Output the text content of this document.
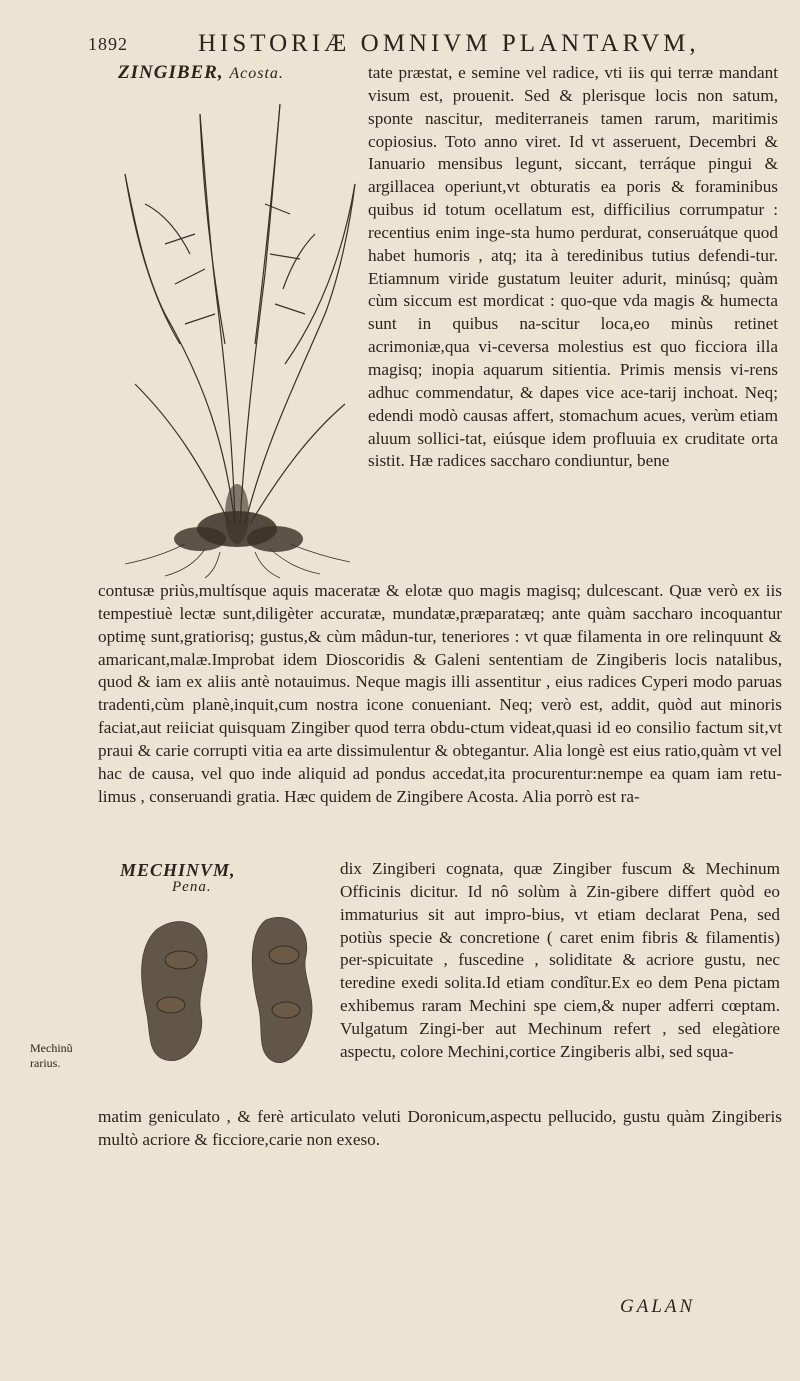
1892	HISTORIÆ OMNIVM PLANTARVM,
ZINGIBER, Acosta.	tate præstat, e semine vel radice, vti iis qui terræ mandant visum est, prouenit. Sed & plerisque locis non satum, sponte nascitur, mediterraneis tamen rarum, maritimis copiosius. Toto anno viret. Id vt asseruent, Decembri & Ianuario mensibus legunt, siccant, terráque pingui & argillacea operiunt,vt obturatis ea poris & foraminibus quibus id totum ocellatum est, difficilius corrumpatur : recentius enim inge-sta humo perdurat, conseruátque quod habet humoris , atq; ita à teredinibus tutius defendi-tur. Etiamnum viride gustatum leuiter adurit, minúsq; quàm cùm siccum est mordicat : quo-que vda magis & humecta sunt in quibus na-scitur loca,eo minùs retinet acrimoniæ,qua vi-ceversa molestius est quo ficciora illa magisq; inopia aquarum sitientia. Primis mensis vi-rens adhuc commendatur, & dapes vice ace-tarij inchoat. Neq; edendi modò causas affert, stomachum acues, verùm etiam aluum sollici-tat, eiúsque idem profluuia ex cruditate orta sistit. Hæ radices saccharo condiuntur, bene

contusæ priùs,multísque aquis maceratæ & elotæ quo magis magisq; dulcescant. Quæ verò ex iis tempestiuè lectæ sunt,diligèter accuratæ, mundatæ,præparatæq; ante quàm saccharo incoquantur optimę sunt,gratiorisq; gustus,& cùm mâdun-tur, teneriores : vt quæ filamenta in ore relinquunt & amaricant,malæ.Improbat idem Dioscoridis & Galeni sententiam de Zingiberis locis natalibus, quod & iam ex aliis antè notauimus. Neque magis illi assentitur , eius radices Cyperi modo paruas tradenti,cùm planè,inquit,cum nostra icone conueniant. Neq; verò est, addit, quòd aut minoris faciat,aut reiiciat quisquam Zingiber quod terra obdu-ctum videat,quasi id eo consilio factum sit,vt praui & carie corrupti vitia ea arte dissimulentur & obtegantur. Alia longè est eius ratio,quàm vt vel hac de causa, vel quo inde aliquid ad pondus accedat,ita procurentur:nempe ea quam iam retu-limus , conseruandi gratia. Hæc quidem de Zingibere Acosta. Alia porrò est ra-

MECHINVM,
Pena.

dix Zingiberi cognata, quæ Zingiber fuscum & Mechinum Officinis dicitur. Id nô solùm à Zin-gibere differt quòd eo immaturius sit aut impro-bius, vt etiam declarat Pena, sed potiùs specie & concretione ( caret enim fibris & filamentis) per-spicuitate , fuscedine , soliditate & acriore gustu, nec teredine exedi solita.Id etiam condîtur.Ex eo dem Pena pictam exhibemus raram Mechini spe ciem,& nuper adferri cœptam. Vulgatum Zingi-ber aut Mechinum refert , sed elegàtiore aspectu, colore Mechini,cortice Zingiberis albi, sed squa-

matim geniculato , & ferè articulato veluti Doronicum,aspectu pellucido, gustu quàm Zingiberis multò acriore & ficciore,carie non exeso.

Mechinũ rarius.
GALAN
